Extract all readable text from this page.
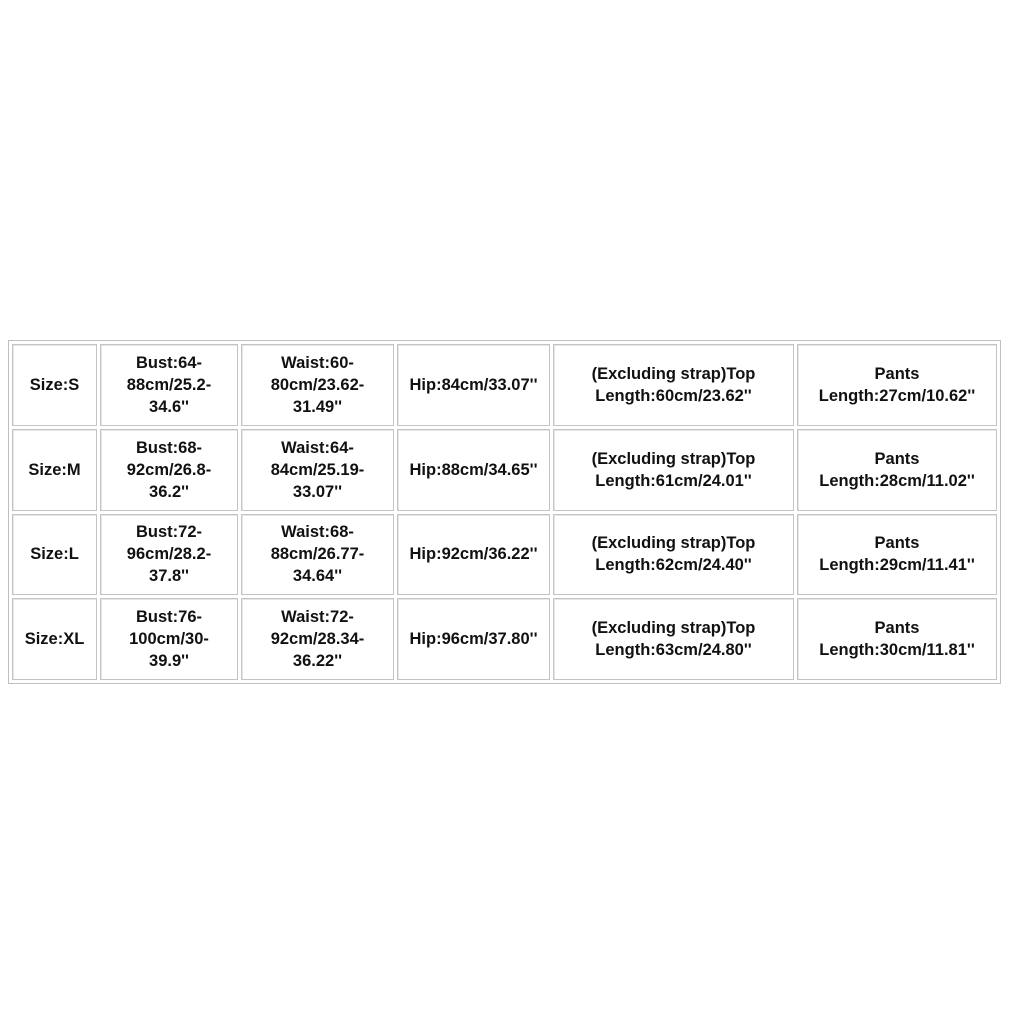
Size:S	Bust:64-
88cm/25.2-
34.6''	Waist:60-
80cm/23.62-
31.49''	Hip:84cm/33.07''	(Excluding strap)Top
Length:60cm/23.62''	Pants
Length:27cm/10.62''
Size:M	Bust:68-
92cm/26.8-
36.2''	Waist:64-
84cm/25.19-
33.07''	Hip:88cm/34.65''	(Excluding strap)Top
Length:61cm/24.01''	Pants
Length:28cm/11.02''
Size:L	Bust:72-
96cm/28.2-
37.8''	Waist:68-
88cm/26.77-
34.64''	Hip:92cm/36.22''	(Excluding strap)Top
Length:62cm/24.40''	Pants
Length:29cm/11.41''
Size:XL	Bust:76-
100cm/30-
39.9''	Waist:72-
92cm/28.34-
36.22''	Hip:96cm/37.80''	(Excluding strap)Top
Length:63cm/24.80''	Pants
Length:30cm/11.81''
